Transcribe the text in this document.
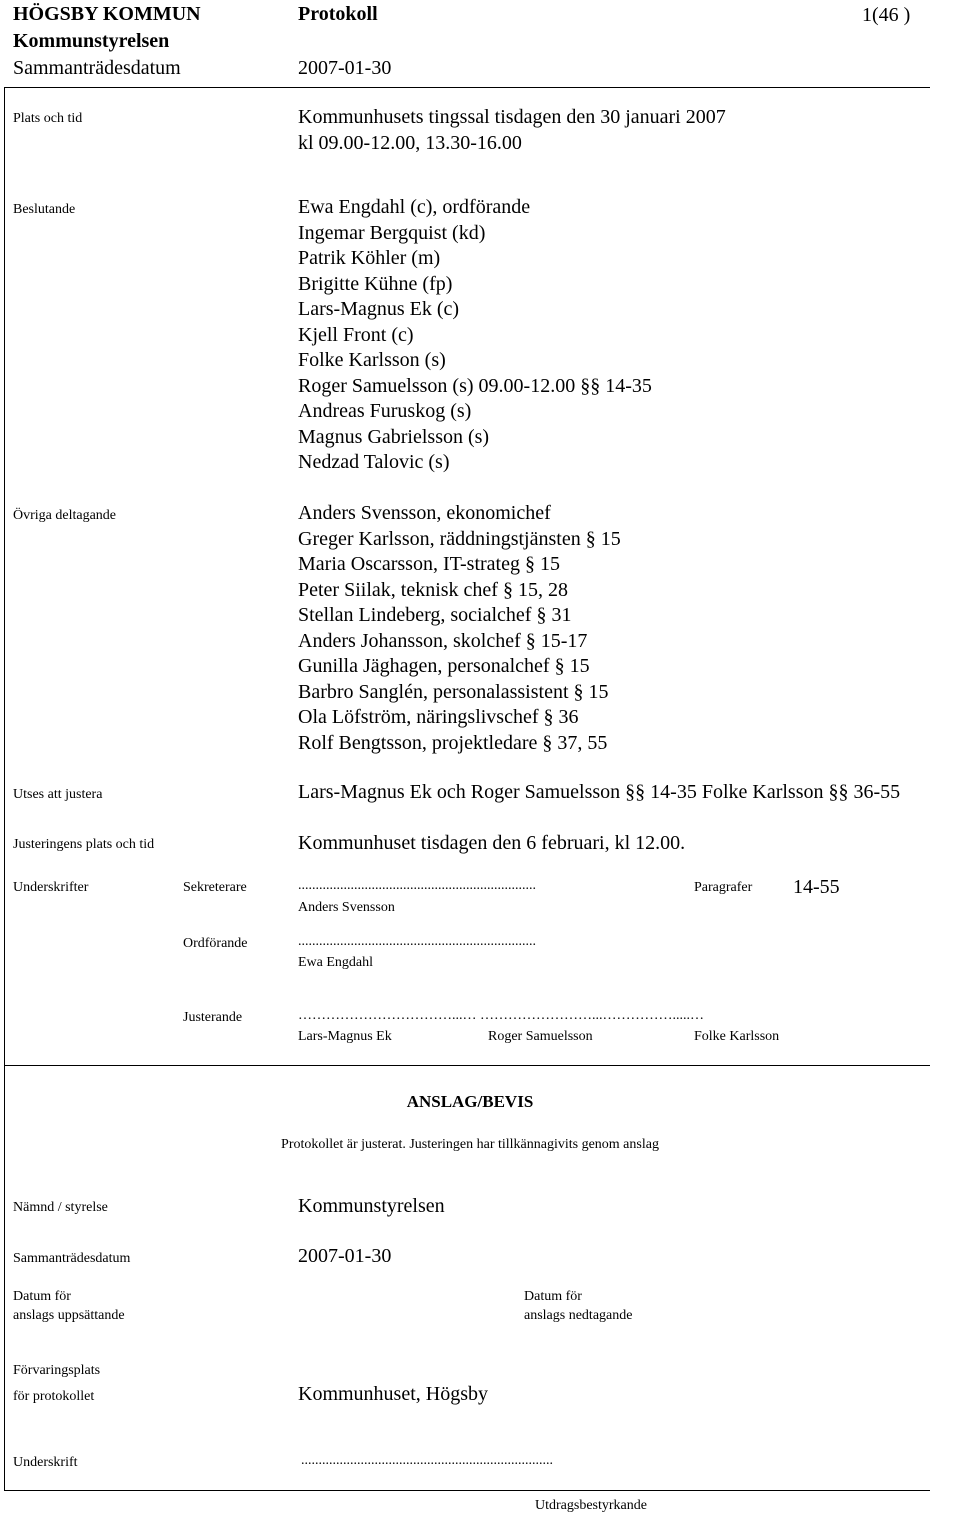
HÖGSBY KOMMUN
Kommunstyrelsen
Protokoll	1(46 )
Sammanträdesdatum	2007-01-30
Plats och tid	Kommunhusets tingssal tisdagen den 30 januari 2007
kl 09.00-12.00, 13.30-16.00
Beslutande	Ewa Engdahl (c), ordförande
Ingemar Bergquist (kd)
Patrik Köhler (m)
Brigitte Kühne (fp)
Lars-Magnus Ek (c)
Kjell Front (c)
Folke Karlsson (s)
Roger Samuelsson (s) 09.00-12.00 §§ 14-35
Andreas Furuskog (s)
Magnus Gabrielsson (s)
Nedzad Talovic (s)
Övriga deltagande	Anders Svensson, ekonomichef
Greger Karlsson, räddningstjänsten § 15
Maria Oscarsson, IT-strateg § 15
Peter Siilak, teknisk chef § 15, 28
Stellan Lindeberg, socialchef § 31
Anders Johansson, skolchef § 15-17
Gunilla Jäghagen, personalchef § 15
Barbro Sanglén, personalassistent § 15
Ola Löfström, näringslivschef § 36
Rolf Bengtsson, projektledare § 37, 55
Utses att justera	Lars-Magnus Ek och Roger Samuelsson §§ 14-35 Folke Karlsson §§ 36-55
Justeringens plats och tid	Kommunhuset tisdagen den 6 februari, kl 12.00.
Underskrifter	Sekreterare	....................................................................
Anders Svensson
Paragrafer 14-55
Ordförande	....................................................................
Ewa Engdahl
Justerande	……………………………...… ……………………...…………….....…
Lars-Magnus Ek	Roger Samuelsson	Folke Karlsson
ANSLAG/BEVIS
Protokollet är justerat. Justeringen har tillkännagivits genom anslag
Nämnd / styrelse	Kommunstyrelsen
Sammanträdesdatum	2007-01-30
Datum för
anslags uppsättande
Datum för
anslags nedtagande
Förvaringsplats
för protokollet	Kommunhuset, Högsby
Underskrift	........................................................................
Utdragsbestyrkande
